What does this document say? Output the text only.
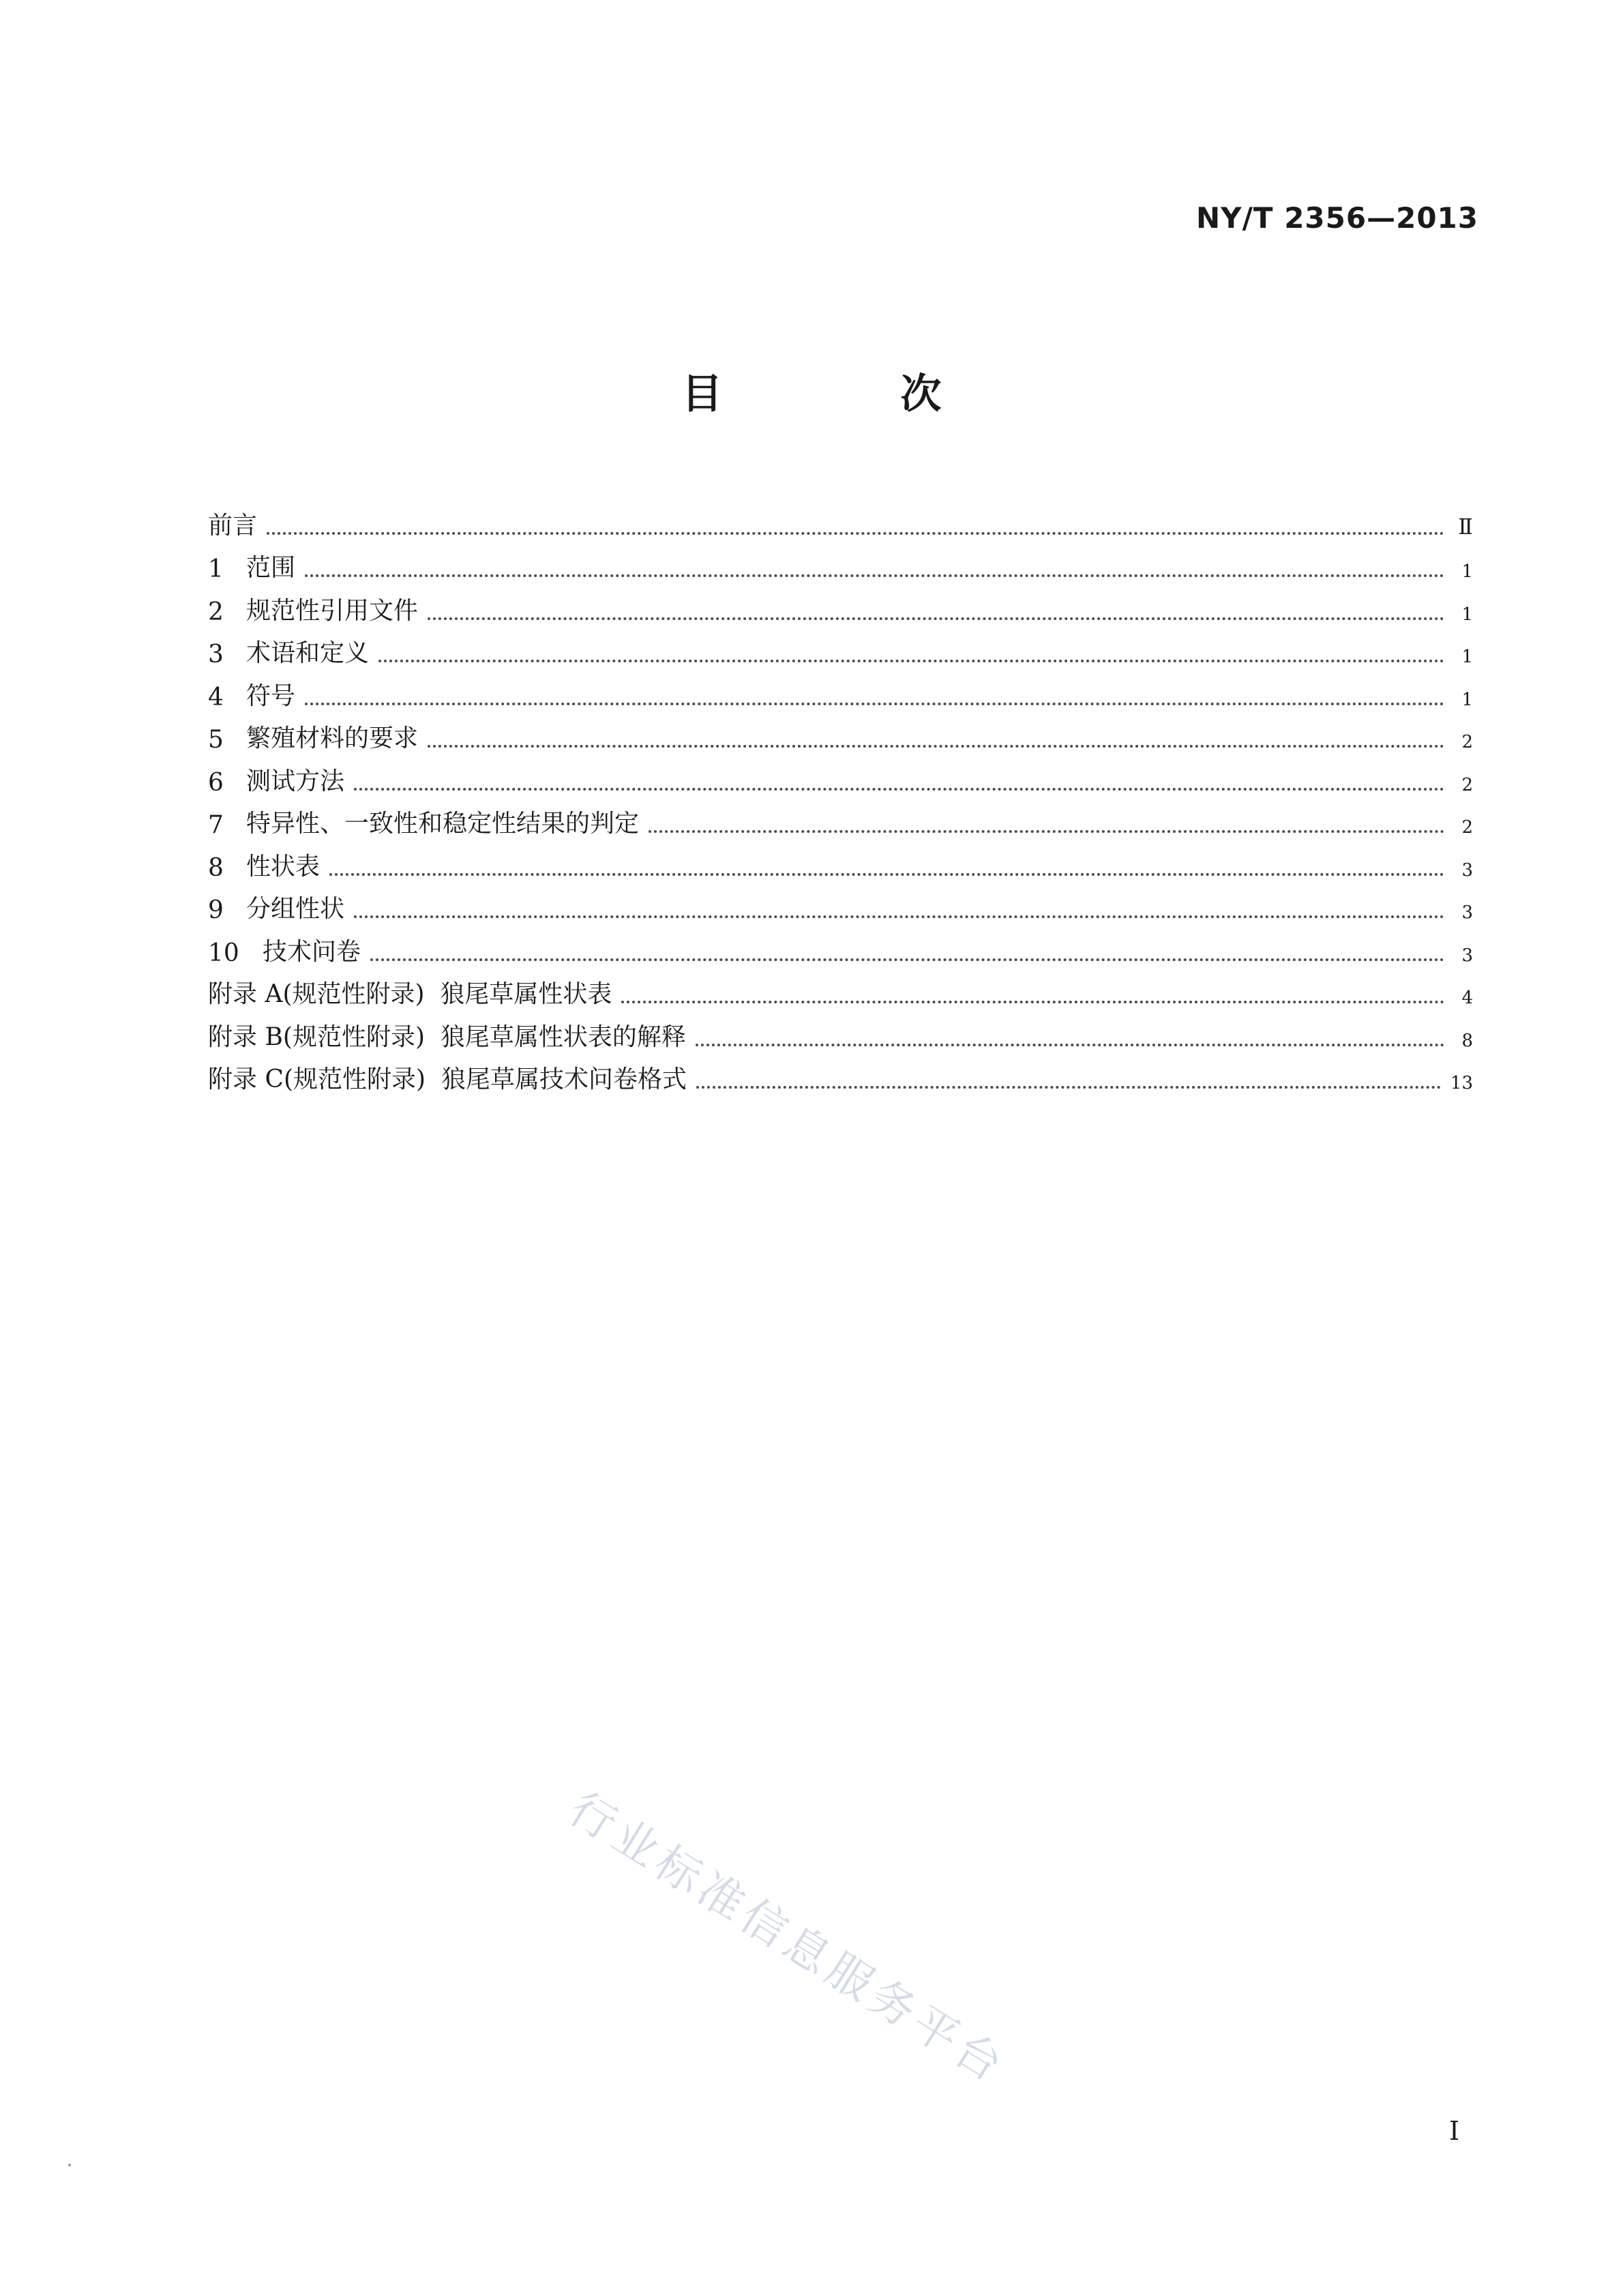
NY/T 2356—2013
目 次
前言	Ⅱ
1 范围	1
2 规范性引用文件	1
3 术语和定义	1
4 符号	1
5 繁殖材料的要求	2
6 测试方法	2
7 特异性、一致性和稳定性结果的判定	2
8 性状表	3
9 分组性状	3
10 技术问卷	3
附录 A(规范性附录)  狼尾草属性状表	4
附录 B(规范性附录)  狼尾草属性状表的解释	8
附录 C(规范性附录)  狼尾草属技术问卷格式	13
行业标准信息服务平台
Ⅰ
